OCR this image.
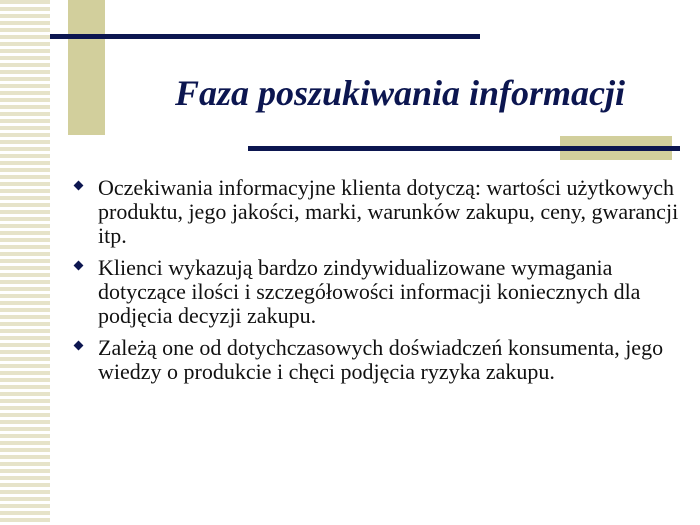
Faza poszukiwania informacji
Oczekiwania informacyjne klienta dotyczą: wartości użytkowych produktu, jego jakości, marki, warunków zakupu, ceny, gwarancji itp.
Klienci wykazują bardzo zindywidualizowane wymagania dotyczące ilości i szczegółowości informacji koniecznych dla podjęcia decyzji zakupu.
Zależą one od dotychczasowych doświadczeń konsumenta, jego wiedzy o produkcie i chęci podjęcia ryzyka zakupu.
